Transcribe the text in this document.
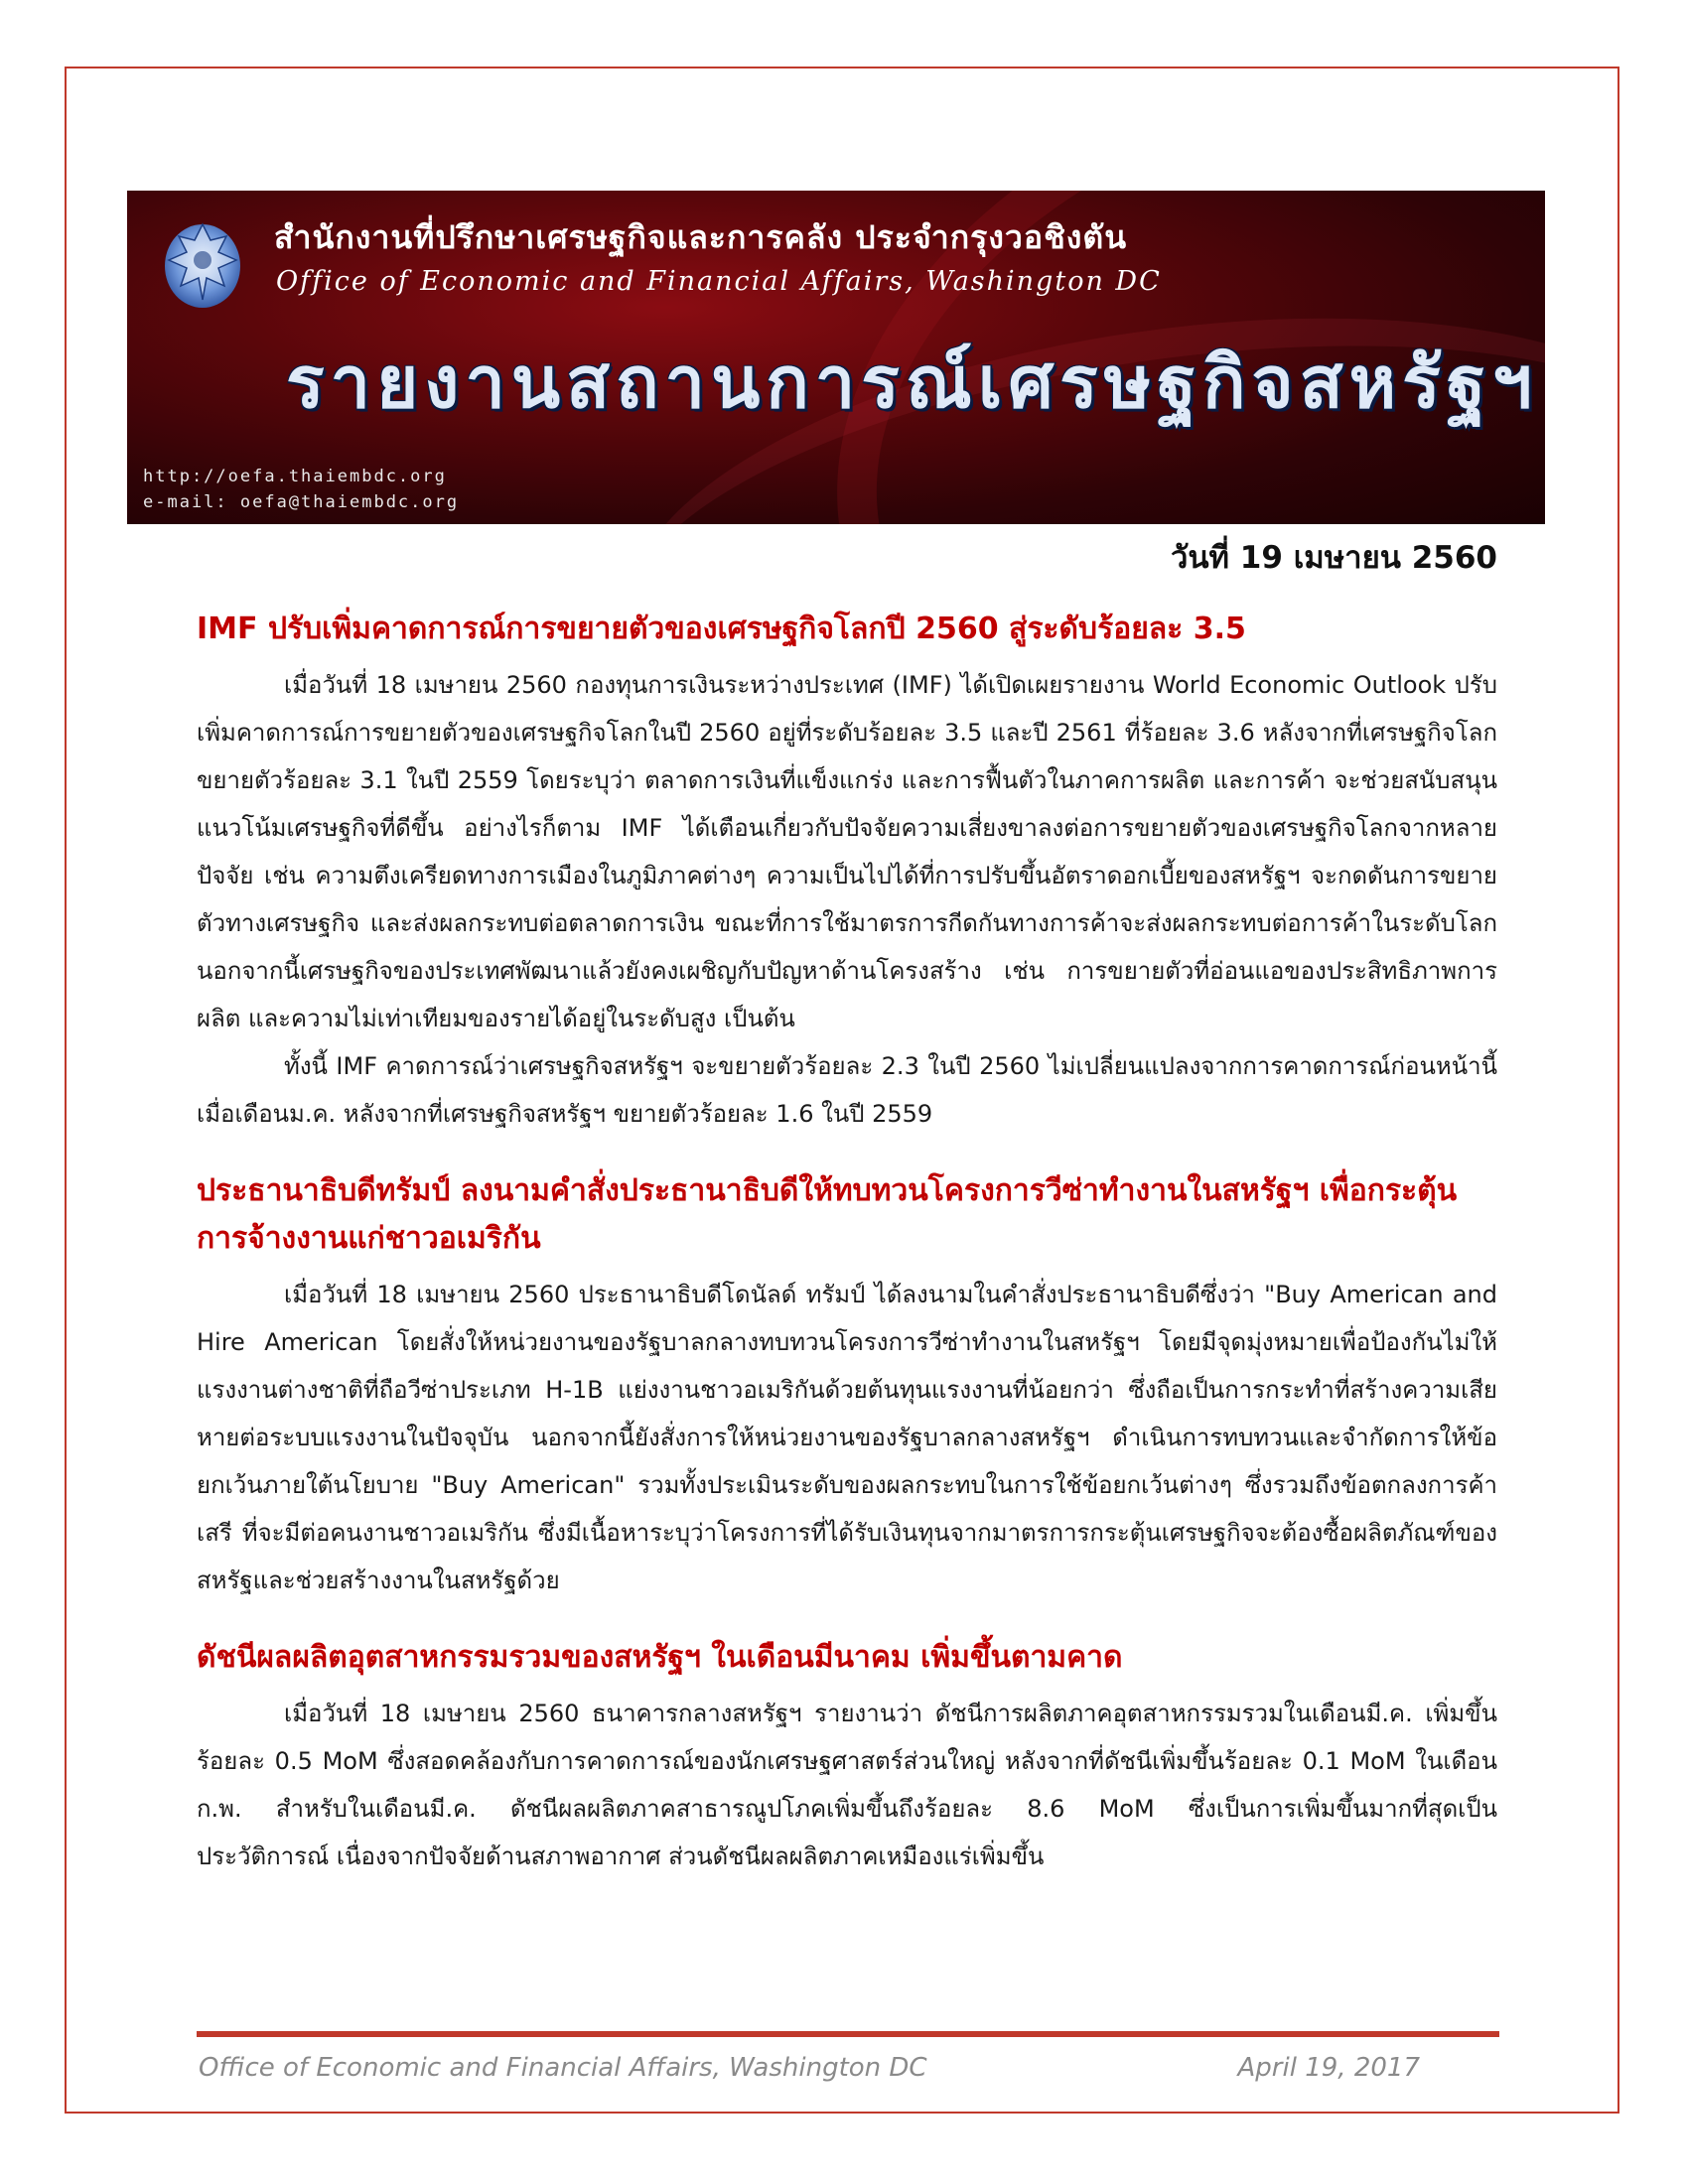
สำนักงานที่ปรึกษาเศรษฐกิจและการคลัง ประจำกรุงวอชิงตัน

Office of Economic and Financial Affairs, Washington DC

รายงานสถานการณ์เศรษฐกิจสหรัฐฯ

http://oefa.thaiembdc.org

e-mail: oefa@thaiembdc.org

วันที่ 19 เมษายน 2560

IMF ปรับเพิ่มคาดการณ์การขยายตัวของเศรษฐกิจโลกปี 2560 สู่ระดับร้อยละ 3.5

เมื่อวันที่ 18 เมษายน 2560 กองทุนการเงินระหว่างประเทศ (IMF) ได้เปิดเผยรายงาน World Economic Outlook ปรับเพิ่มคาดการณ์การขยายตัวของเศรษฐกิจโลกในปี 2560 อยู่ที่ระดับร้อยละ 3.5 และปี 2561 ที่ร้อยละ 3.6 หลังจากที่เศรษฐกิจโลกขยายตัวร้อยละ 3.1 ในปี 2559 โดยระบุว่า ตลาดการเงินที่แข็งแกร่ง และการฟื้นตัวในภาคการผลิต และการค้า จะช่วยสนับสนุนแนวโน้มเศรษฐกิจที่ดีขึ้น อย่างไรก็ตาม IMF ได้เตือนเกี่ยวกับปัจจัยความเสี่ยงขาลงต่อการขยายตัวของเศรษฐกิจโลกจากหลายปัจจัย เช่น ความตึงเครียดทางการเมืองในภูมิภาคต่างๆ ความเป็นไปได้ที่การปรับขึ้นอัตราดอกเบี้ยของสหรัฐฯ จะกดดันการขยายตัวทางเศรษฐกิจ และส่งผลกระทบต่อตลาดการเงิน ขณะที่การใช้มาตรการกีดกันทางการค้าจะส่งผลกระทบต่อการค้าในระดับโลก นอกจากนี้เศรษฐกิจของประเทศพัฒนาแล้วยังคงเผชิญกับปัญหาด้านโครงสร้าง เช่น การขยายตัวที่อ่อนแอของประสิทธิภาพการผลิต และความไม่เท่าเทียมของรายได้อยู่ในระดับสูง เป็นต้น

ทั้งนี้ IMF คาดการณ์ว่าเศรษฐกิจสหรัฐฯ จะขยายตัวร้อยละ 2.3 ในปี 2560 ไม่เปลี่ยนแปลงจากการคาดการณ์ก่อนหน้านี้เมื่อเดือนม.ค. หลังจากที่เศรษฐกิจสหรัฐฯ ขยายตัวร้อยละ 1.6 ในปี 2559

ประธานาธิบดีทรัมป์ ลงนามคำสั่งประธานาธิบดีให้ทบทวนโครงการวีซ่าทำงานในสหรัฐฯ เพื่อกระตุ้นการจ้างงานแก่ชาวอเมริกัน

เมื่อวันที่ 18 เมษายน 2560 ประธานาธิบดีโดนัลด์ ทรัมป์ ได้ลงนามในคำสั่งประธานาธิบดีซึ่งว่า "Buy American and Hire American โดยสั่งให้หน่วยงานของรัฐบาลกลางทบทวนโครงการวีซ่าทำงานในสหรัฐฯ โดยมีจุดมุ่งหมายเพื่อป้องกันไม่ให้แรงงานต่างชาติที่ถือวีซ่าประเภท H-1B แย่งงานชาวอเมริกันด้วยต้นทุนแรงงานที่น้อยกว่า ซึ่งถือเป็นการกระทำที่สร้างความเสียหายต่อระบบแรงงานในปัจจุบัน นอกจากนี้ยังสั่งการให้หน่วยงานของรัฐบาลกลางสหรัฐฯ ดำเนินการทบทวนและจำกัดการให้ข้อยกเว้นภายใต้นโยบาย "Buy American" รวมทั้งประเมินระดับของผลกระทบในการใช้ข้อยกเว้นต่างๆ ซึ่งรวมถึงข้อตกลงการค้าเสรี ที่จะมีต่อคนงานชาวอเมริกัน ซึ่งมีเนื้อหาระบุว่าโครงการที่ได้รับเงินทุนจากมาตรการกระตุ้นเศรษฐกิจจะต้องซื้อผลิตภัณฑ์ของสหรัฐและช่วยสร้างงานในสหรัฐด้วย

ดัชนีผลผลิตอุตสาหกรรมรวมของสหรัฐฯ ในเดือนมีนาคม เพิ่มขึ้นตามคาด

เมื่อวันที่ 18 เมษายน 2560 ธนาคารกลางสหรัฐฯ รายงานว่า ดัชนีการผลิตภาคอุตสาหกรรมรวมในเดือนมี.ค. เพิ่มขึ้นร้อยละ 0.5 MoM ซึ่งสอดคล้องกับการคาดการณ์ของนักเศรษฐศาสตร์ส่วนใหญ่ หลังจากที่ดัชนีเพิ่มขึ้นร้อยละ 0.1 MoM ในเดือนก.พ. สำหรับในเดือนมี.ค. ดัชนีผลผลิตภาคสาธารณูปโภคเพิ่มขึ้นถึงร้อยละ 8.6 MoM ซึ่งเป็นการเพิ่มขึ้นมากที่สุดเป็นประวัติการณ์ เนื่องจากปัจจัยด้านสภาพอากาศ ส่วนดัชนีผลผลิตภาคเหมืองแร่เพิ่มขึ้น

Office of Economic and Financial Affairs, Washington DC	April 19, 2017
